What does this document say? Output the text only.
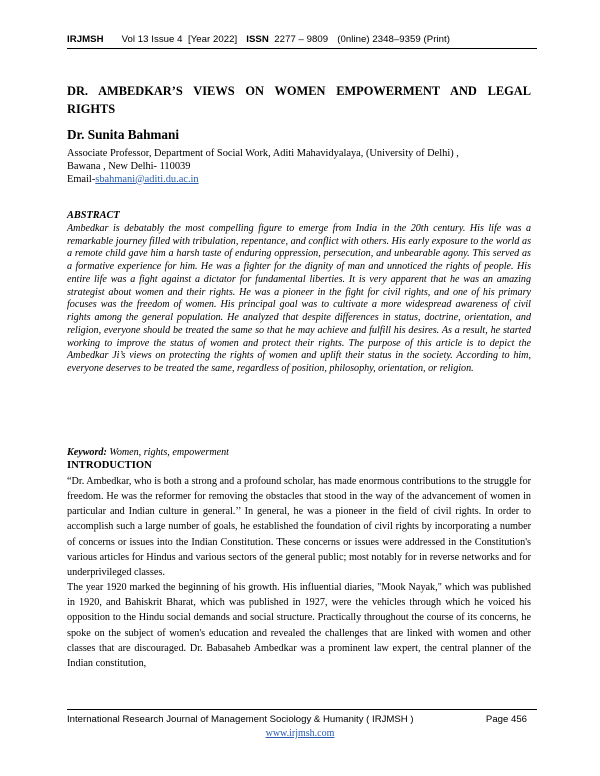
IRJMSH Vol 13 Issue 4 [Year 2022] ISSN 2277 – 9809 (0nline) 2348–9359 (Print)
DR. AMBEDKAR’S VIEWS ON WOMEN EMPOWERMENT AND LEGAL
RIGHTS
Dr. Sunita Bahmani
Associate Professor, Department of Social Work, Aditi Mahavidyalaya, (University of Delhi) ,
Bawana , New Delhi- 110039
Email-sbahmani@aditi.du.ac.in
ABSTRACT
Ambedkar is debatably the most compelling figure to emerge from India in the 20th century. His life was a remarkable journey filled with tribulation, repentance, and conflict with others. His early exposure to the world as a remote child gave him a harsh taste of enduring oppression, persecution, and unbearable agony. This served as a formative experience for him. He was a fighter for the dignity of man and unnoticed the rights of people. His entire life was a fight against a dictator for fundamental liberties. It is very apparent that he was an amazing strategist about women and their rights. He was a pioneer in the fight for civil rights, and one of his primary focuses was the freedom of women. His principal goal was to cultivate a more widespread awareness of civil rights among the general population. He analyzed that despite differences in status, doctrine, orientation, and religion, everyone should be treated the same so that he may achieve and fulfill his desires. As a result, he started working to improve the status of women and protect their rights. The purpose of this article is to depict the Ambedkar Ji’s views on protecting the rights of women and uplift their status in the society. According to him, everyone deserves to be treated the same, regardless of position, philosophy, orientation, or religion.
Keyword: Women, rights, empowerment
INTRODUCTION

“Dr. Ambedkar, who is both a strong and a profound scholar, has made enormous contributions to the struggle for freedom. He was the reformer for removing the obstacles that stood in the way of the advancement of women in particular and Indian culture in general.’’ In general, he was a pioneer in the field of civil rights. In order to accomplish such a large number of goals, he established the foundation of civil rights by incorporating a number of concerns or issues into the Indian Constitution. These concerns or issues were addressed in the Constitution's various articles for Hindus and various sectors of the general public; most notably for in reverse networks and for underprivileged classes.

The year 1920 marked the beginning of his growth. His influential diaries, "Mook Nayak," which was published in 1920, and Bahiskrit Bharat, which was published in 1927, were the vehicles through which he voiced his opposition to the Hindu social demands and social structure. Practically throughout the course of its concerns, he spoke on the subject of women's education and revealed the challenges that are linked with women and other classes that are discouraged. Dr. Babasaheb Ambedkar was a prominent law expert, the central planner of the Indian constitution,

International Research Journal of Management Sociology & Humanity ( IRJMSH )	Page 456
www.irjmsh.com
